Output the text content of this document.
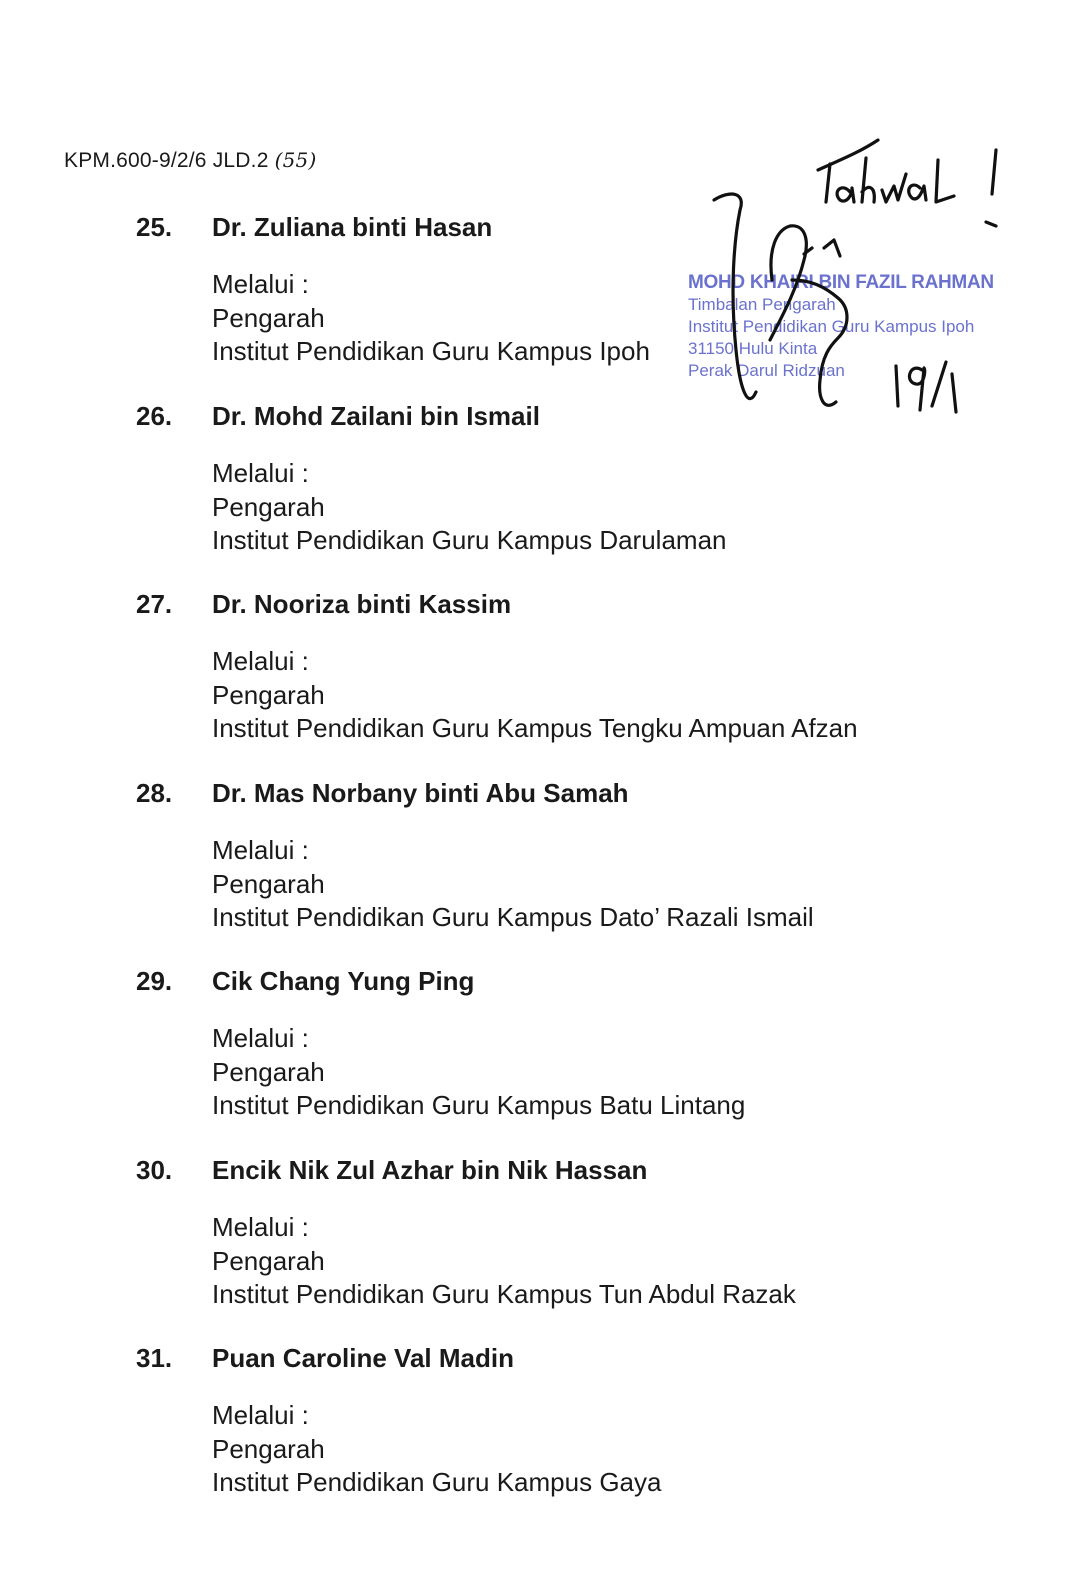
KPM.600-9/2/6 JLD.2 (55)
25. Dr. Zuliana binti Hasan
Melalui :
Pengarah
Institut Pendidikan Guru Kampus Ipoh
26. Dr. Mohd Zailani bin Ismail
Melalui :
Pengarah
Institut Pendidikan Guru Kampus Darulaman
27. Dr. Nooriza binti Kassim
Melalui :
Pengarah
Institut Pendidikan Guru Kampus Tengku Ampuan Afzan
28. Dr. Mas Norbany binti Abu Samah
Melalui :
Pengarah
Institut Pendidikan Guru Kampus Dato’ Razali Ismail
29. Cik Chang Yung Ping
Melalui :
Pengarah
Institut Pendidikan Guru Kampus Batu Lintang
30. Encik Nik Zul Azhar bin Nik Hassan
Melalui :
Pengarah
Institut Pendidikan Guru Kampus Tun Abdul Razak
31. Puan Caroline Val Madin
Melalui :
Pengarah
Institut Pendidikan Guru Kampus Gaya
MOHD KHAIRI BIN FAZIL RAHMAN
Timbalan Pengarah
Institut Pendidikan Guru Kampus Ipoh
31150 Hulu Kinta
Perak Darul Ridzuan
